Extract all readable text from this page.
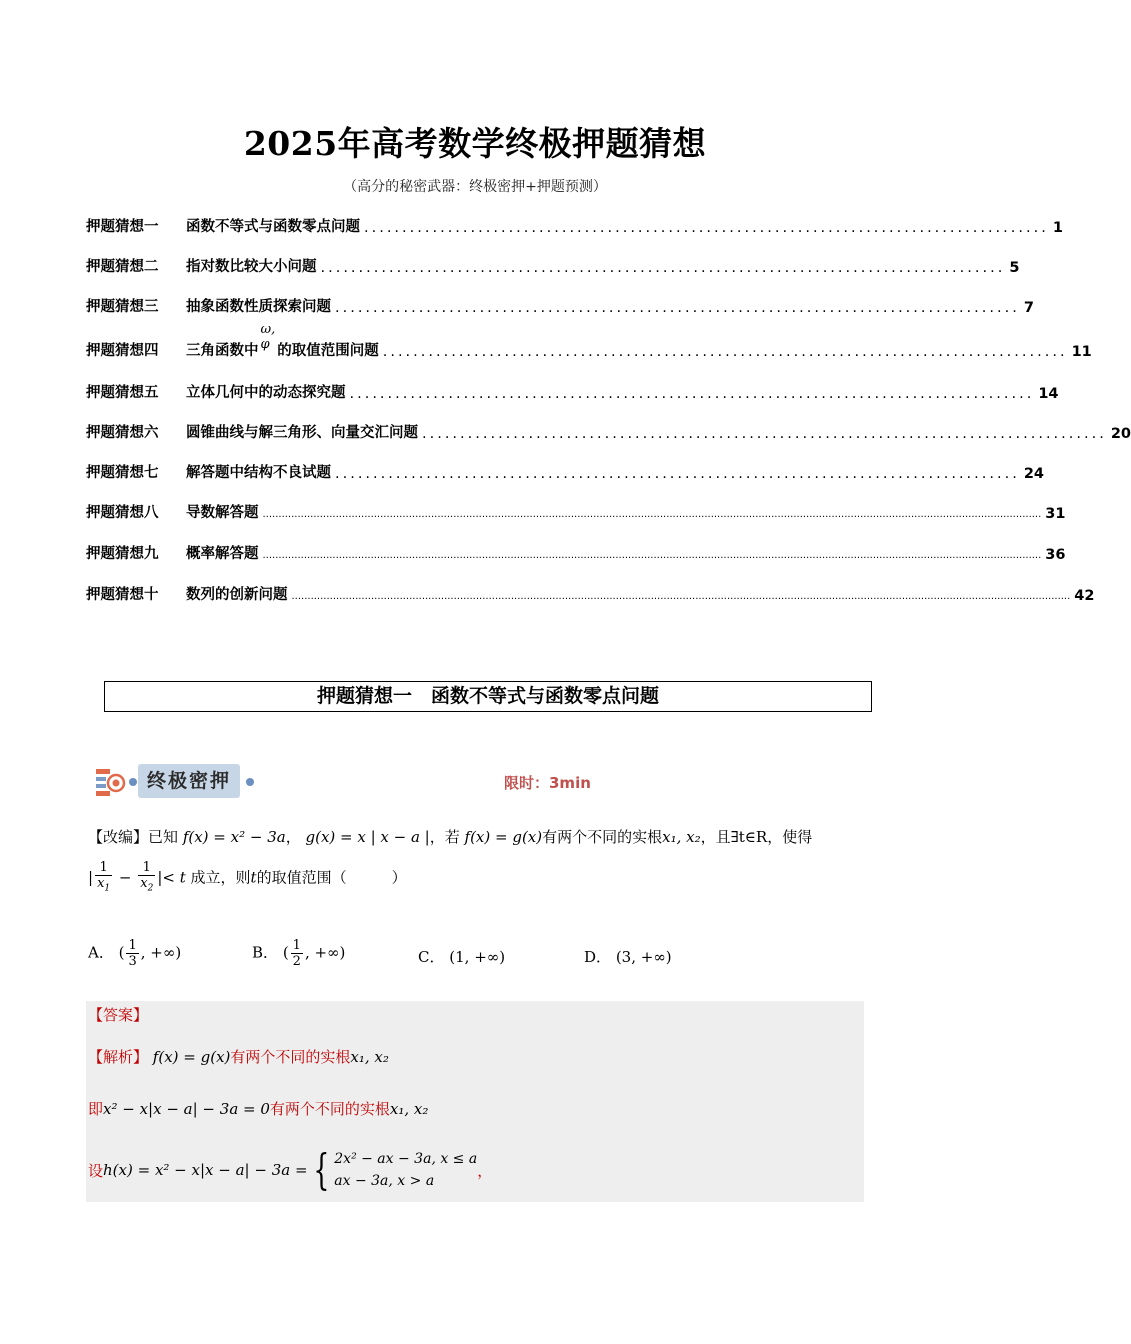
2025年高考数学终极押题猜想
（高分的秘密武器：终极密押+押题预测）
押题猜想一	函数不等式与函数零点问题 .......................................................................................... 1
押题猜想二	指对数比较大小问题 .......................................................................................... 5
押题猜想三	抽象函数性质探索问题 .......................................................................................... 7
押题猜想四	三角函数中
ω, φ 的取值范围问题 .......................................................................................... 11
押题猜想五	立体几何中的动态探究题 .......................................................................................... 14
押题猜想六	圆锥曲线与解三角形、向量交汇问题 .......................................................................................... 20
押题猜想七	解答题中结构不良试题 .......................................................................................... 24
押题猜想八	导数解答题 ..................................................................................................................................................................................................................................................... 31
押题猜想九	概率解答题 ..................................................................................................................................................................................................................................................... 36
押题猜想十	数列的创新问题 ..................................................................................................................................................................................................................................................... 42
押题猜想一　函数不等式与函数零点问题
终极密押	限时：3min
【改编】已知 f(x) = x² − 3a， g(x) = x | x − a |，若 f(x) = g(x)有两个不同的实根x₁, x₂，且∃t∈R，使得
| $\frac{1}{x_1} - \frac{1}{x_2}$ |< t 成立，则t的取值范围（　　　）
A． ( $\frac{1}{3}$ , +∞)	B． ( $\frac{1}{2}$ , +∞)	C． (1, +∞)	D． (3, +∞)
【答案】
【解析】 f(x) = g(x)有两个不同的实根x₁, x₂
即x² − x|x − a| − 3a = 0有两个不同的实根x₁, x₂
设 h(x) = x² − x|x − a| − 3a = { 2x² − ax − 3a, x ≤ a
ax − 3a, x > a
，
